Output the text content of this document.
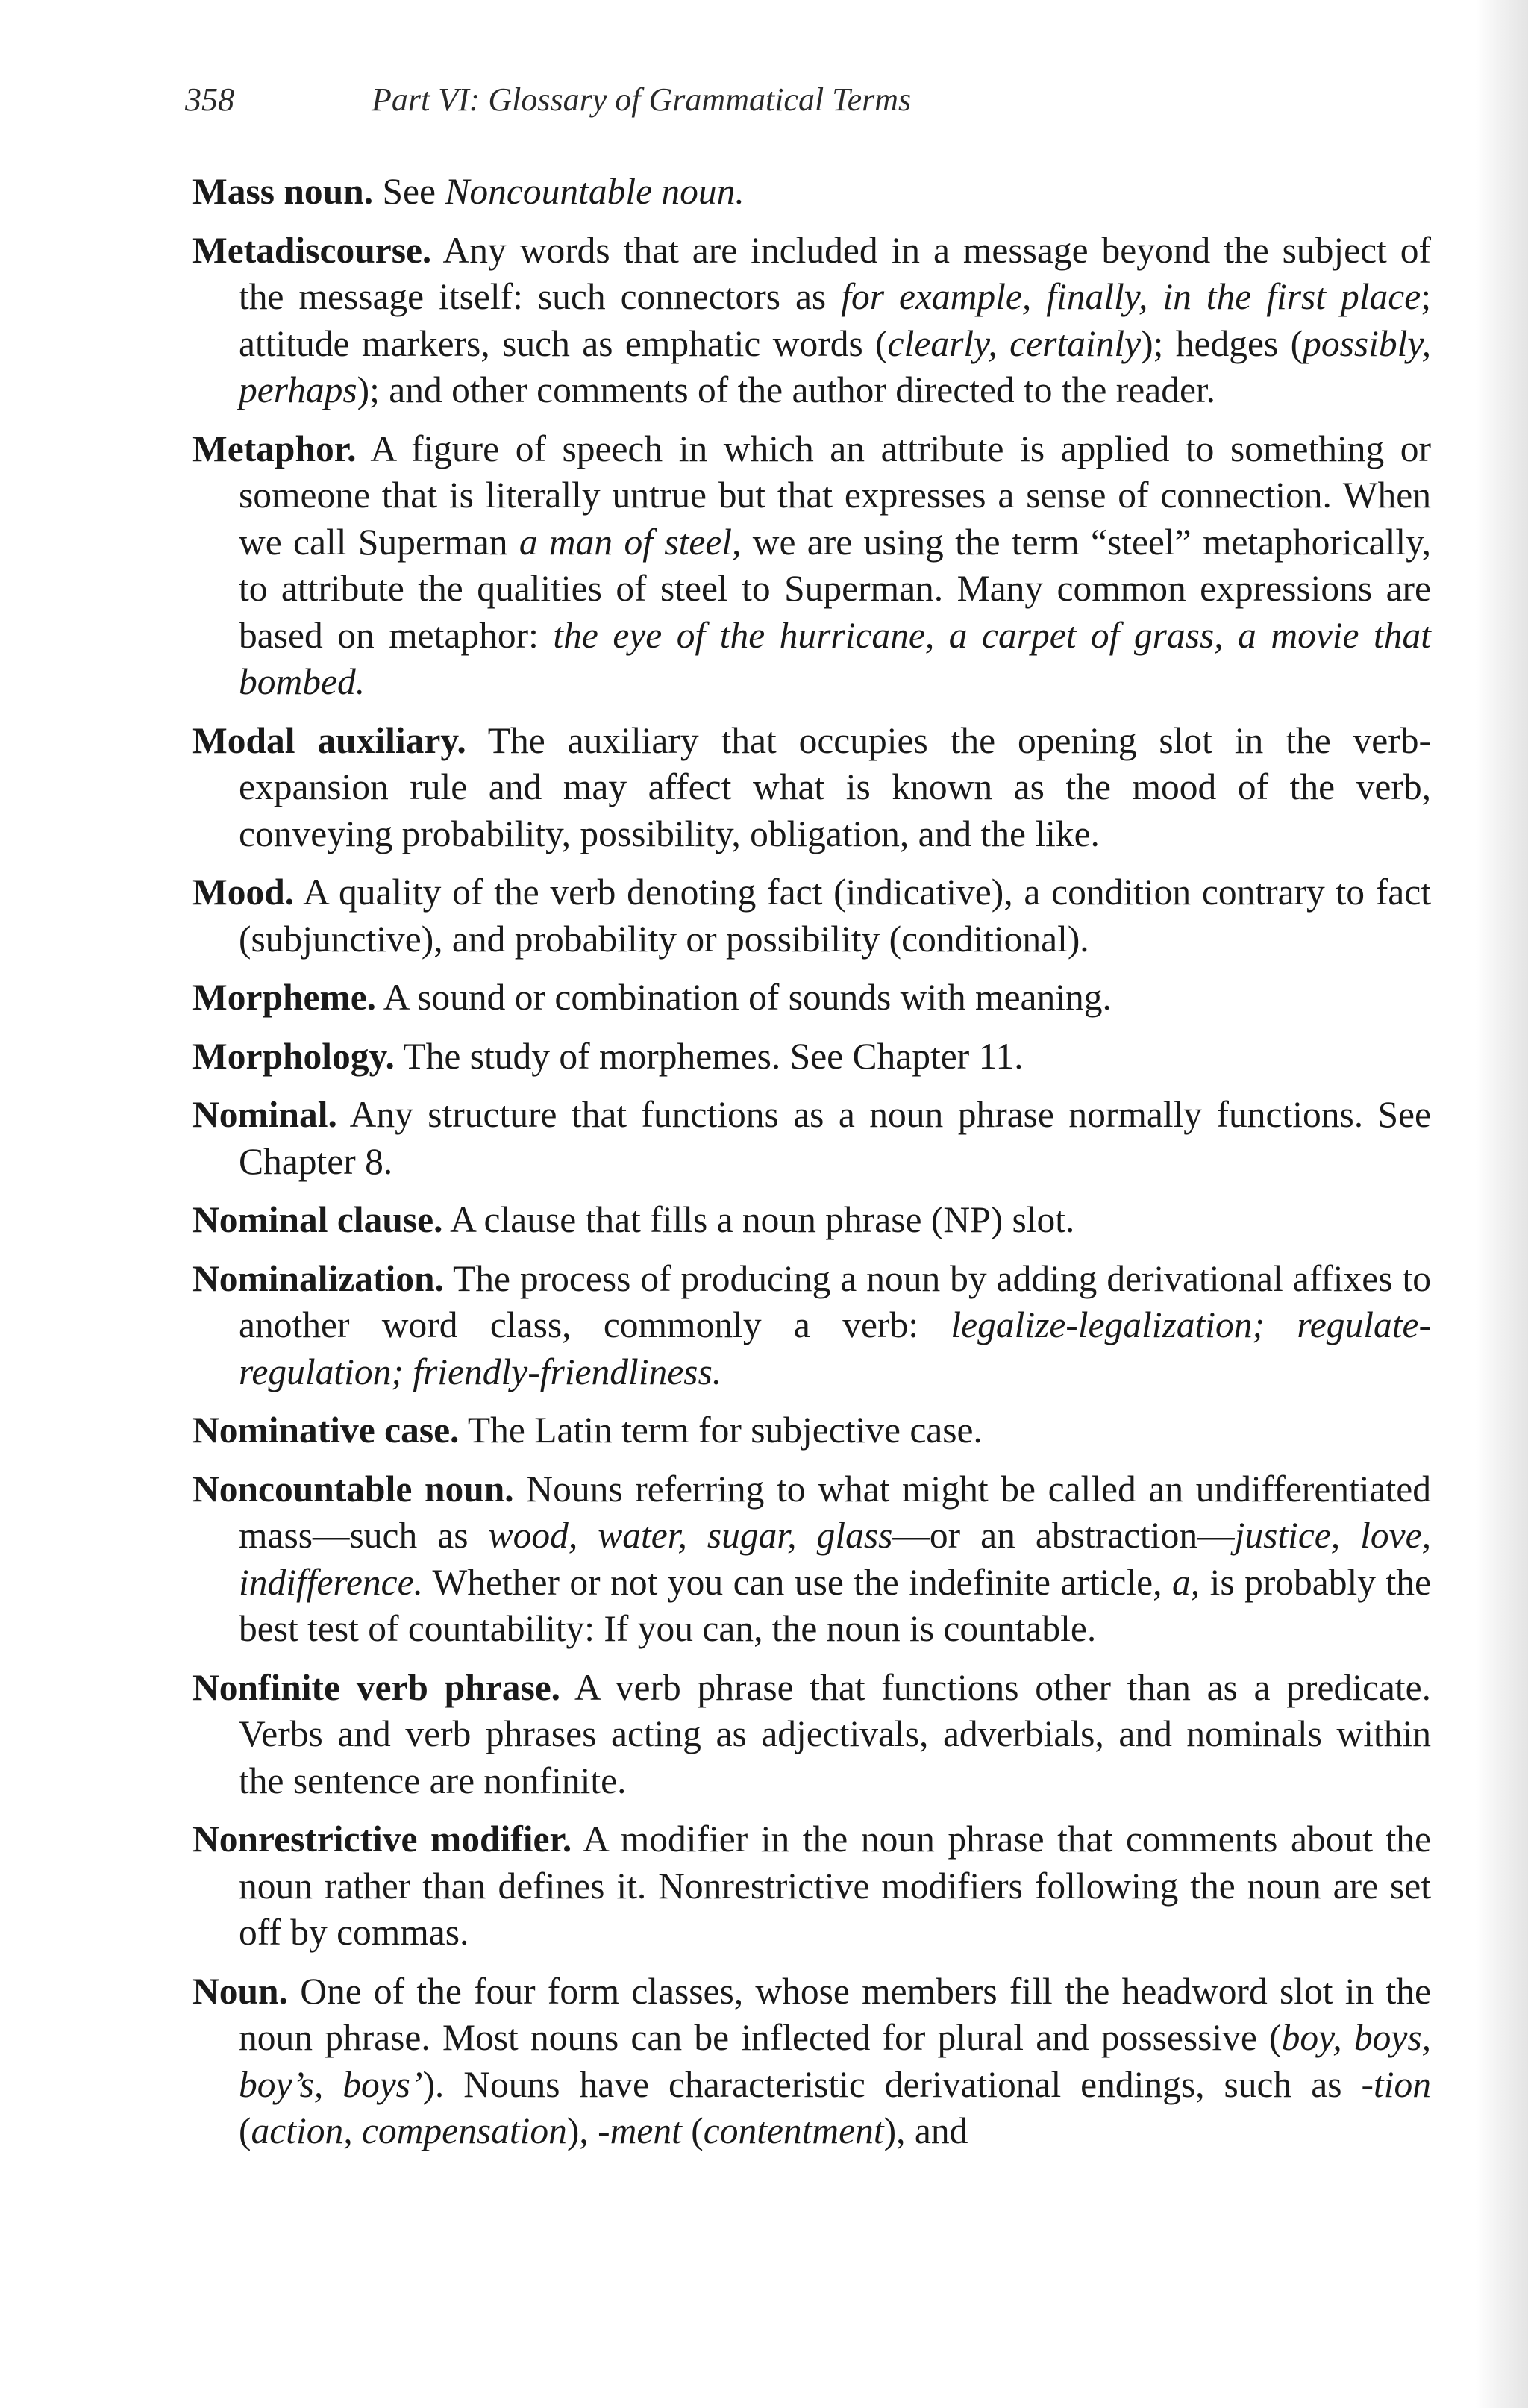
358	Part VI: Glossary of Grammatical Terms

Mass noun. See Noncountable noun.

Metadiscourse. Any words that are included in a message beyond the subject of the message itself: such connectors as for example, finally, in the first place; attitude markers, such as emphatic words (clearly, certainly); hedges (possibly, perhaps); and other comments of the author directed to the reader.

Metaphor. A figure of speech in which an attribute is applied to something or someone that is literally untrue but that expresses a sense of connection. When we call Superman a man of steel, we are using the term “steel” metaphorically, to attribute the qualities of steel to Superman. Many common expressions are based on metaphor: the eye of the hurricane, a carpet of grass, a movie that bombed.

Modal auxiliary. The auxiliary that occupies the opening slot in the verb-expansion rule and may affect what is known as the mood of the verb, conveying probability, possibility, obligation, and the like.

Mood. A quality of the verb denoting fact (indicative), a condition contrary to fact (subjunctive), and probability or possibility (conditional).

Morpheme. A sound or combination of sounds with meaning.

Morphology. The study of morphemes. See Chapter 11.

Nominal. Any structure that functions as a noun phrase normally functions. See Chapter 8.

Nominal clause. A clause that fills a noun phrase (NP) slot.

Nominalization. The process of producing a noun by adding derivational affixes to another word class, commonly a verb: legalize-legalization; regulate-regulation; friendly-friendliness.

Nominative case. The Latin term for subjective case.

Noncountable noun. Nouns referring to what might be called an undifferentiated mass—such as wood, water, sugar, glass—or an abstraction—justice, love, indifference. Whether or not you can use the indefinite article, a, is probably the best test of countability: If you can, the noun is countable.

Nonfinite verb phrase. A verb phrase that functions other than as a predicate. Verbs and verb phrases acting as adjectivals, adverbials, and nominals within the sentence are nonfinite.

Nonrestrictive modifier. A modifier in the noun phrase that comments about the noun rather than defines it. Nonrestrictive modifiers following the noun are set off by commas.

Noun. One of the four form classes, whose members fill the headword slot in the noun phrase. Most nouns can be inflected for plural and possessive (boy, boys, boy’s, boys’). Nouns have characteristic derivational endings, such as -tion (action, compensation), -ment (contentment), and
